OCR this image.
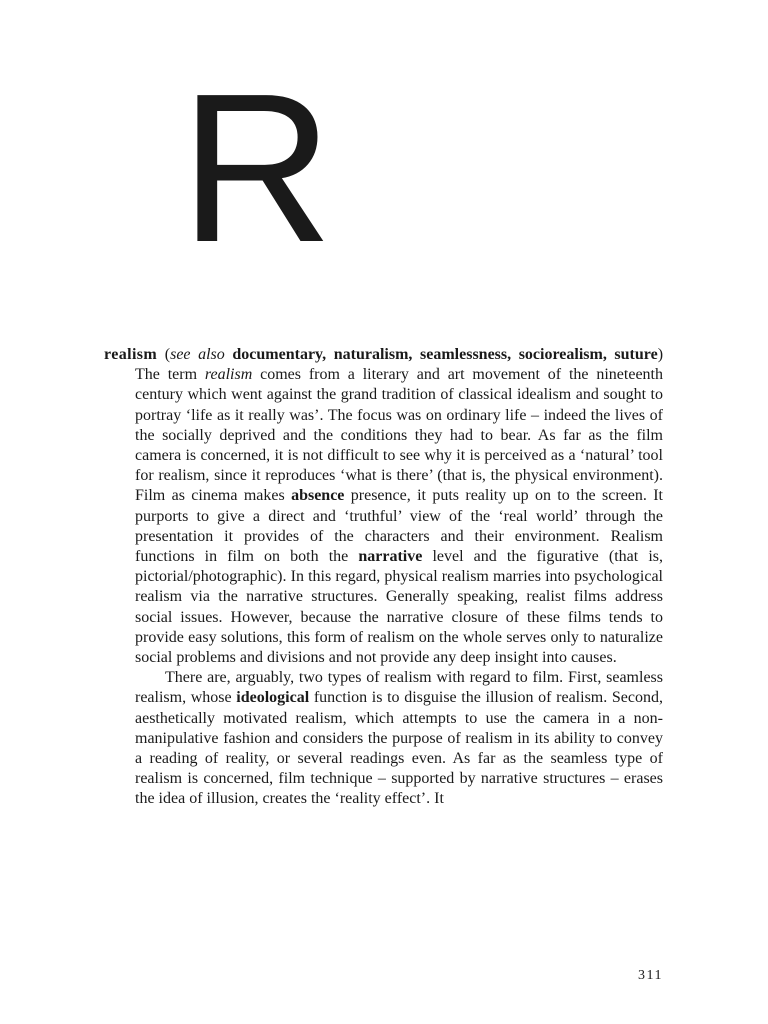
R

realism (see also documentary, naturalism, seamlessness, sociorealism, suture) The term realism comes from a literary and art movement of the nineteenth century which went against the grand tradition of classical idealism and sought to portray ‘life as it really was’. The focus was on ordinary life – indeed the lives of the socially deprived and the conditions they had to bear. As far as the film camera is concerned, it is not difficult to see why it is perceived as a ‘natural’ tool for realism, since it reproduces ‘what is there’ (that is, the physical environment). Film as cinema makes absence presence, it puts reality up on to the screen. It purports to give a direct and ‘truthful’ view of the ‘real world’ through the presentation it provides of the characters and their environment. Realism functions in film on both the narrative level and the figurative (that is, pictorial/photographic). In this regard, physical realism marries into psychological realism via the narrative structures. Generally speaking, realist films address social issues. However, because the narrative closure of these films tends to provide easy solutions, this form of realism on the whole serves only to naturalize social problems and divisions and not provide any deep insight into causes.

There are, arguably, two types of realism with regard to film. First, seamless realism, whose ideological function is to disguise the illusion of realism. Second, aesthetically motivated realism, which attempts to use the camera in a non-manipulative fashion and considers the purpose of realism in its ability to convey a reading of reality, or several readings even. As far as the seamless type of realism is concerned, film technique – supported by narrative structures – erases the idea of illusion, creates the ‘reality effect’. It

311
